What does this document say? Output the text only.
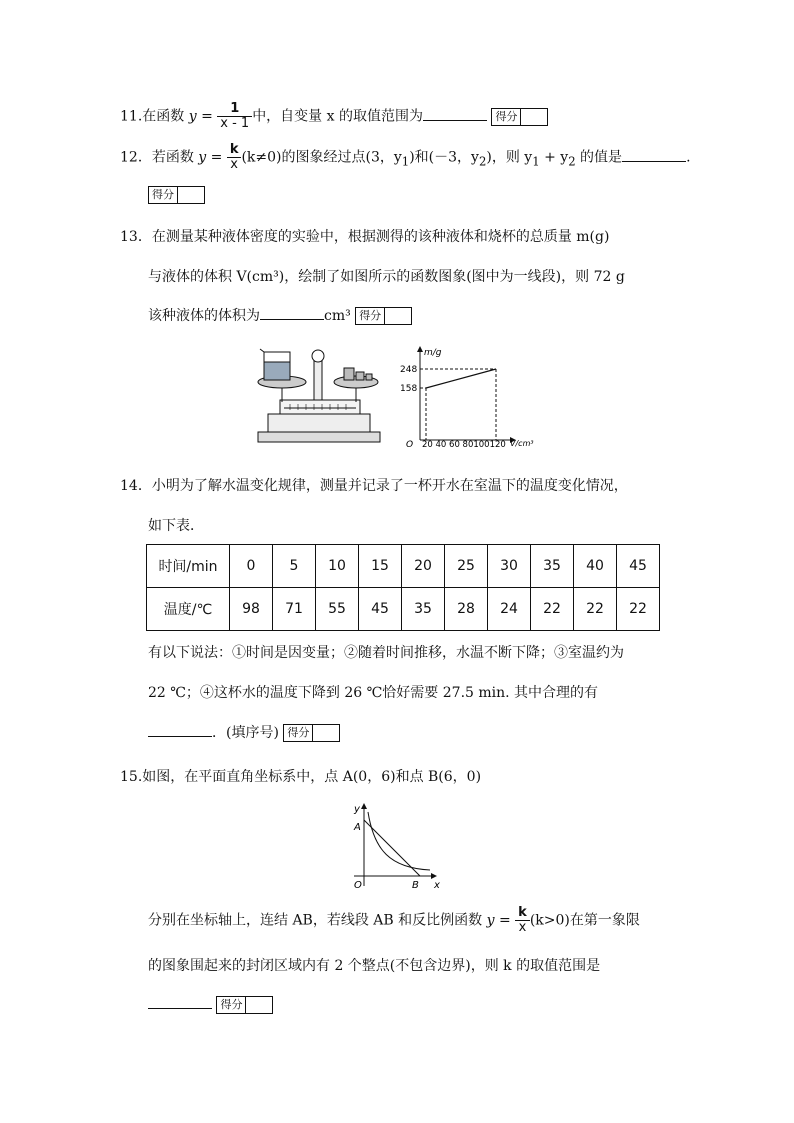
11.在函数 $y = \frac{1}{x - 1}$ 中，自变量 x 的取值范围为	得分
12．若函数 $y = \frac{k}{x} (k\ne 0)$的图象经过点(3，$y_1$)和(－3，$y_2$)，则 $y_1 + y_2$ 的值是	.
得分
13．在测量某种液体密度的实验中，根据测得的该种液体和烧杯的总质量 m(g)
与液体的体积 V(cm³)，绘制了如图所示的函数图象(图中为一线段)，则 72 g
该种液体的体积为	cm³ 得分
m/g
V/cm³
O
248
158
20 40 60 80100120
14．小明为了解水温变化规律，测量并记录了一杯开水在室温下的温度变化情况，
如下表．
时间/min	0	5	10	15	20	25	30	35	40	45
温度/℃	98	71	55	45	35	28	24	22	22	22
有以下说法：①时间是因变量；②随着时间推移，水温不断下降；③室温约为
22 ℃；④这杯水的温度下降到 26 ℃恰好需要 27.5 min. 其中合理的有
．(填序号) 得分
15.如图，在平面直角坐标系中，点 A(0，6)和点 B(6，0)
y
x
A
O	B
分别在坐标轴上，连结 AB，若线段 AB 和反比例函数 $y = \frac{k}{x} (k>0)$在第一象限
的图象围起来的封闭区域内有 2 个整点(不包含边界)，则 k 的取值范围是

得分
